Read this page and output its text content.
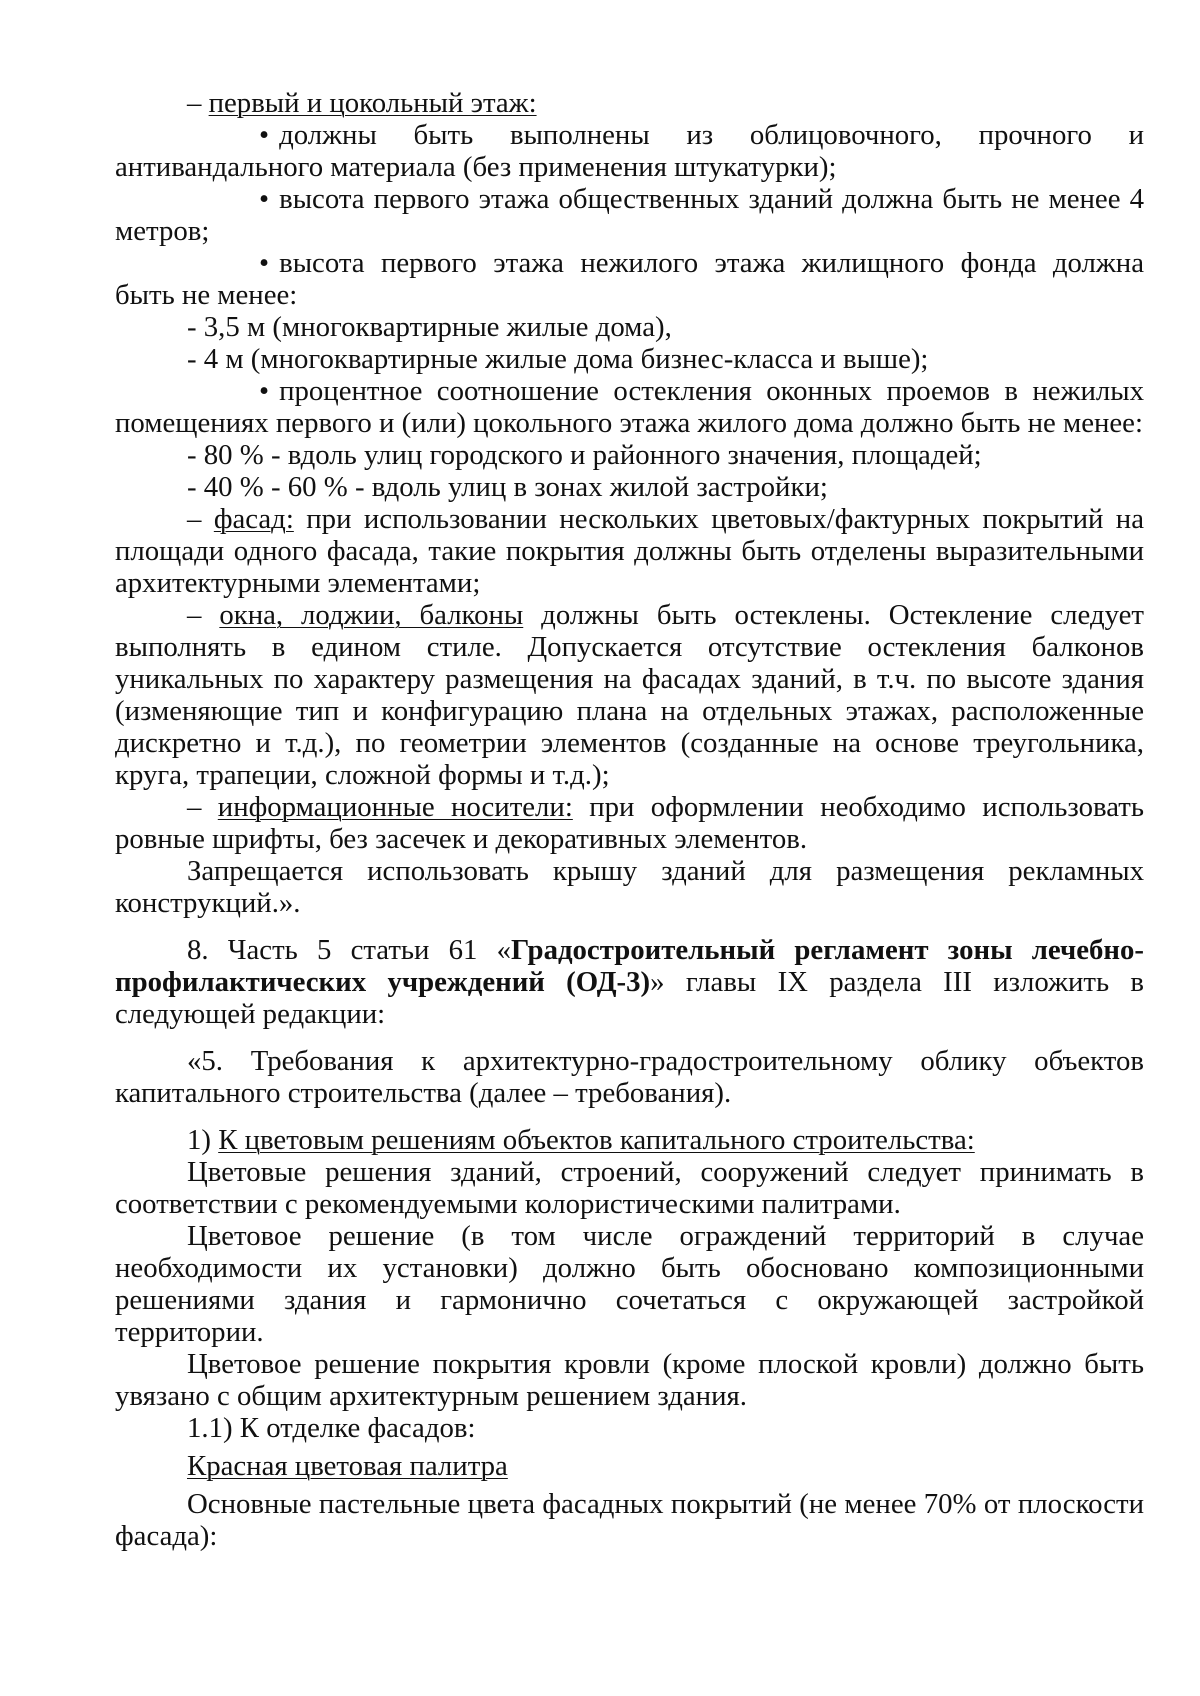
– первый и цокольный этаж:

• должны быть выполнены из облицовочного, прочного и антивандального материала (без применения штукатурки);

• высота первого этажа общественных зданий должна быть не менее 4 метров;

• высота первого этажа нежилого этажа жилищного фонда должна быть не менее:

- 3,5 м (многоквартирные жилые дома),

- 4 м (многоквартирные жилые дома бизнес-класса и выше);

• процентное соотношение остекления оконных проемов в нежилых помещениях первого и (или) цокольного этажа жилого дома должно быть не менее:

- 80 % - вдоль улиц городского и районного значения, площадей;

- 40 % - 60 % - вдоль улиц в зонах жилой застройки;

– фасад: при использовании нескольких цветовых/фактурных покрытий на площади одного фасада, такие покрытия должны быть отделены выразительными архитектурными элементами;

– окна, лоджии, балконы должны быть остеклены. Остекление следует выполнять в едином стиле. Допускается отсутствие остекления балконов уникальных по характеру размещения на фасадах зданий, в т.ч. по высоте здания (изменяющие тип и конфигурацию плана на отдельных этажах, расположенные дискретно и т.д.), по геометрии элементов (созданные на основе треугольника, круга, трапеции, сложной формы и т.д.);

– информационные носители: при оформлении необходимо использовать ровные шрифты, без засечек и декоративных элементов.

Запрещается использовать крышу зданий для размещения рекламных конструкций.».

8. Часть 5 статьи 61 «Градостроительный регламент зоны лечебно-профилактических учреждений (ОД-3)» главы IX раздела III изложить в следующей редакции:

«5. Требования к архитектурно-градостроительному облику объектов капитального строительства (далее – требования).

1) К цветовым решениям объектов капитального строительства:

Цветовые решения зданий, строений, сооружений следует принимать в соответствии с рекомендуемыми колористическими палитрами.

Цветовое решение (в том числе ограждений территорий в случае необходимости их установки) должно быть обосновано композиционными решениями здания и гармонично сочетаться с окружающей застройкой территории.

Цветовое решение покрытия кровли (кроме плоской кровли) должно быть увязано с общим архитектурным решением здания.

1.1) К отделке фасадов:

Красная цветовая палитра

Основные пастельные цвета фасадных покрытий (не менее 70% от плоскости фасада):
